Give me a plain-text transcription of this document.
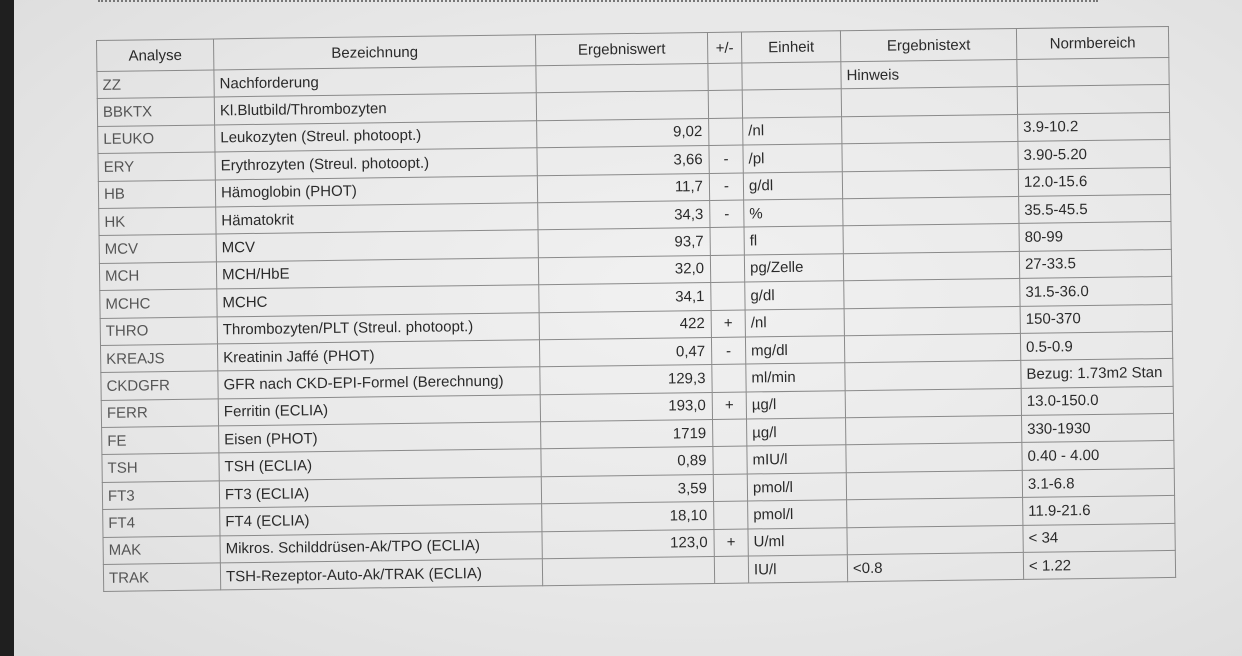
Analyse	Bezeichnung	Ergebniswert	+/-	Einheit	Ergebnistext	Normbereich
ZZ	Nachforderung				Hinweis	
BBKTX	Kl.Blutbild/Thrombozyten					
LEUKO	Leukozyten (Streul. photoopt.)	9,02		/nl		3.9-10.2
ERY	Erythrozyten (Streul. photoopt.)	3,66	-	/pl		3.90-5.20
HB	Hämoglobin (PHOT)	11,7	-	g/dl		12.0-15.6
HK	Hämatokrit	34,3	-	%		35.5-45.5
MCV	MCV	93,7		fl		80-99
MCH	MCH/HbE	32,0		pg/Zelle		27-33.5
MCHC	MCHC	34,1		g/dl		31.5-36.0
THRO	Thrombozyten/PLT (Streul. photoopt.)	422	+	/nl		150-370
KREAJS	Kreatinin Jaffé (PHOT)	0,47	-	mg/dl		0.5-0.9
CKDGFR	GFR nach CKD-EPI-Formel (Berechnung)	129,3		ml/min		Bezug: 1.73m2 Stan
FERR	Ferritin (ECLIA)	193,0	+	µg/l		13.0-150.0
FE	Eisen (PHOT)	1719		µg/l		330-1930
TSH	TSH (ECLIA)	0,89		mIU/l		0.40 - 4.00
FT3	FT3 (ECLIA)	3,59		pmol/l		3.1-6.8
FT4	FT4 (ECLIA)	18,10		pmol/l		11.9-21.6
MAK	Mikros. Schilddrüsen-Ak/TPO (ECLIA)	123,0	+	U/ml		< 34
TRAK	TSH-Rezeptor-Auto-Ak/TRAK (ECLIA)			IU/l	<0.8	< 1.22
